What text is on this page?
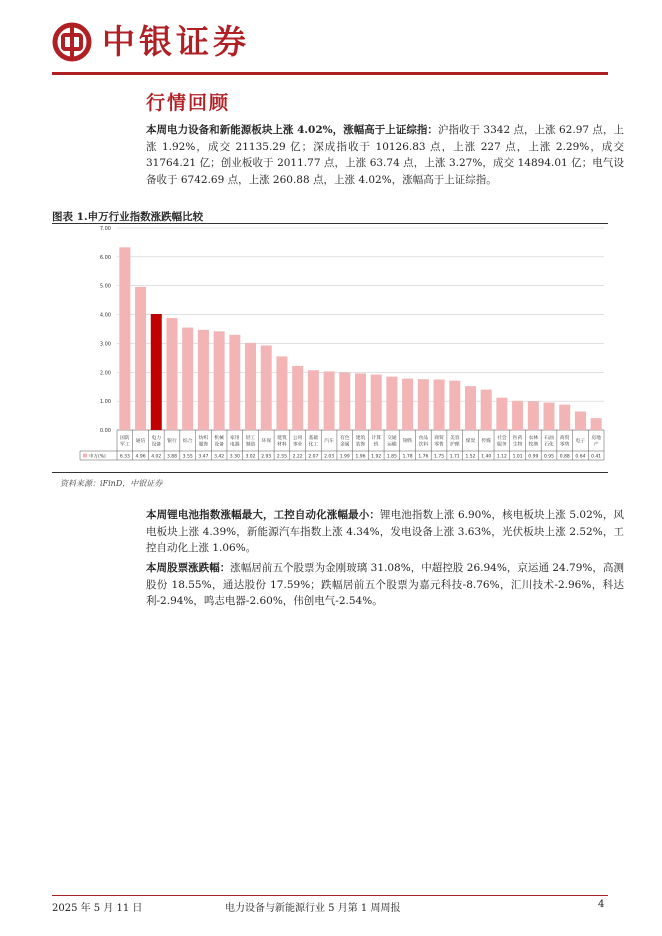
中银证券
行情回顾
本周电力设备和新能源板块上涨 4.02%，涨幅高于上证综指：沪指收于 3342 点，上涨 62.97 点，上涨 1.92%，成交 21135.29 亿；深成指收于 10126.83 点，上涨 227 点，上涨 2.29%，成交 31764.21 亿；创业板收于 2011.77 点，上涨 63.74 点，上涨 3.27%，成交 14894.01 亿；电气设备收于 6742.69 点，上涨 260.88 点，上涨 4.02%，涨幅高于上证综指。
图表 1.申万行业指数涨跌幅比较
7.00
6.00
5.00
4.00
3.00
2.00
1.00
0.00
申万(%)
国防军工
6.33
通信
4.96
电力设备
4.02
银行
3.88
综合
3.55
纺织服饰
3.47
机械设备
3.42
家用电器
3.30
轻工制造
3.02
环保
2.93
建筑材料
2.55
公用事业
2.22
基础化工
2.07
汽车
2.03
有色金属
1.99
建筑装饰
1.96
计算机
1.92
交通运输
1.85
钢铁
1.78
食品饮料
1.76
商贸零售
1.75
美容护理
1.71
煤炭
1.52
传媒
1.40
社会服务
1.12
医药生物
1.01
农林牧渔
0.99
石油石化
0.95
商贸零售
0.88
电子
0.64
房地产
0.41
资料来源：iFinD，中银证券
本周锂电池指数涨幅最大，工控自动化涨幅最小：锂电池指数上涨 6.90%，核电板块上涨 5.02%，风电板块上涨 4.39%，新能源汽车指数上涨 4.34%，发电设备上涨 3.63%，光伏板块上涨 2.52%，工控自动化上涨 1.06%。
本周股票涨跌幅：涨幅居前五个股票为金刚玻璃 31.08%，中超控股 26.94%，京运通 24.79%，高测股份 18.55%，通达股份 17.59%；跌幅居前五个股票为嘉元科技-8.76%，汇川技术-2.96%，科达利-2.94%，鸣志电器-2.60%，伟创电气-2.54%。
2025 年 5 月 11 日	电力设备与新能源行业 5 月第 1 周周报	4
